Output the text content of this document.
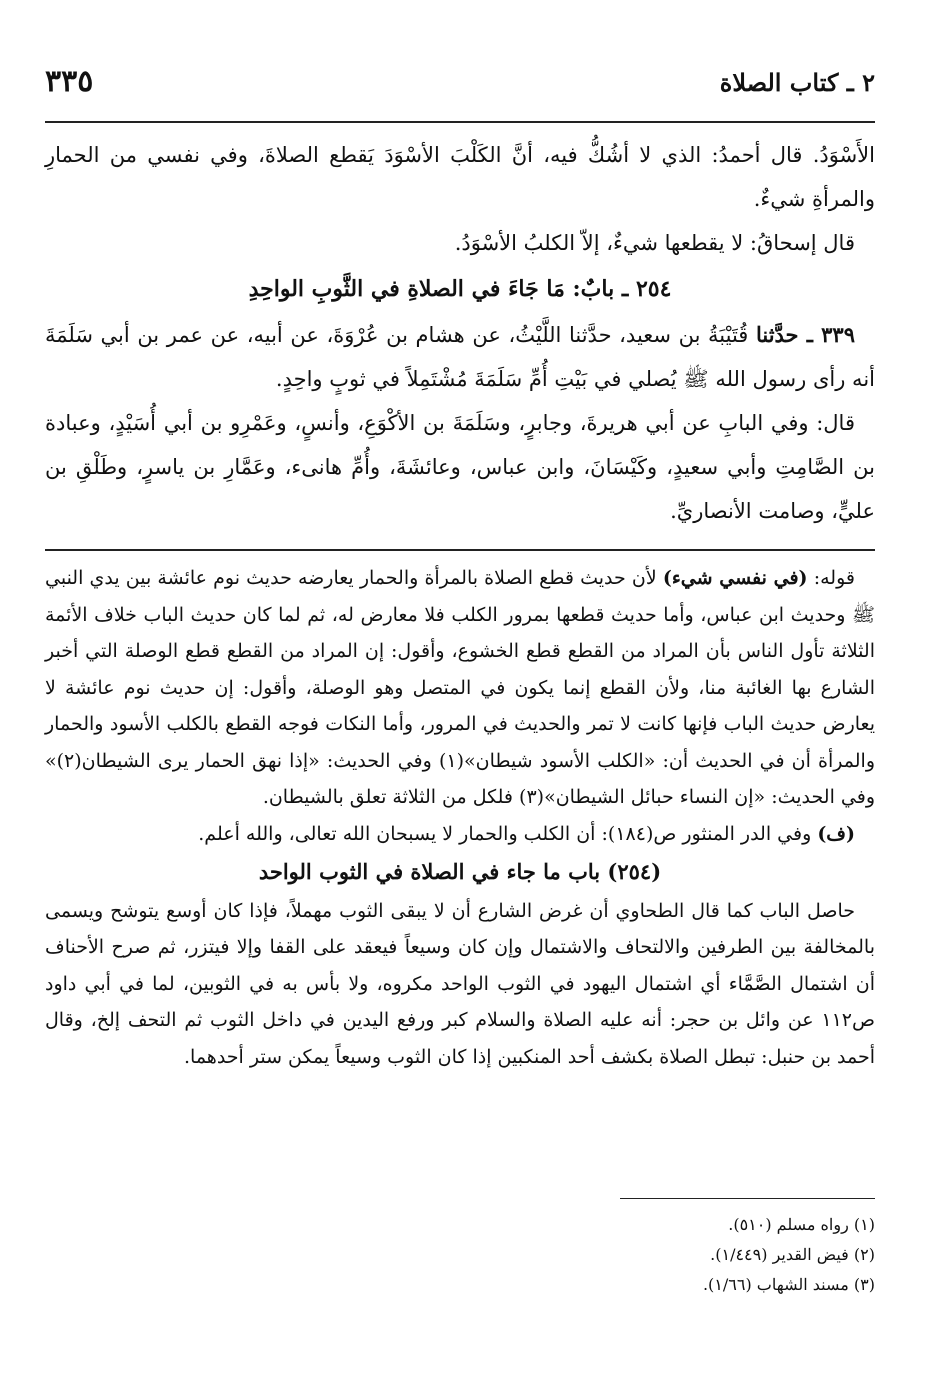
٢ ـ كتاب الصلاة
٣٣٥

الأَسْوَدُ. قال أحمدُ: الذي لا أشُكُّ فيه، أنَّ الكَلْبَ الأسْوَدَ يَقطع الصلاةَ، وفي نفسي من الحمارِ والمرأةِ شيءٌ.

قال إسحاقُ: لا يقطعها شيءٌ، إلاّ الكلبُ الأسْوَدُ.

٢٥٤ ـ بابٌ: مَا جَاءَ في الصلاةِ في الثَّوبِ الواحِدِ

٣٣٩ ـ حدَّثنا قُتَيْبَةُ بن سعيد، حدَّثنا اللَّيْثُ، عن هشام بن عُرْوَةَ، عن أبيه، عن عمر بن أبي سَلَمَةَ أنه رأى رسول الله ﷺ يُصلي في بَيْتِ أُمِّ سَلَمَةَ مُشْتَمِلاً في ثوبٍ واحِدٍ.

قال: وفي البابِ عن أبي هريرةَ، وجابرٍ، وسَلَمَةَ بن الأكْوَعِ، وأنسٍ، وعَمْرِو بن أبي أُسَيْدٍ، وعبادة بن الصَّامِتِ وأبي سعيدٍ، وكَيْسَانَ، وابن عباس، وعائشَةَ، وأُمِّ هانىء، وعَمَّارِ بن ياسرٍ، وطَلْقِ بن عليٍّ، وصامت الأنصاريِّ.

قوله: (في نفسي شيء) لأن حديث قطع الصلاة بالمرأة والحمار يعارضه حديث نوم عائشة بين يدي النبي ﷺ وحديث ابن عباس، وأما حديث قطعها بمرور الكلب فلا معارض له، ثم لما كان حديث الباب خلاف الأئمة الثلاثة تأول الناس بأن المراد من القطع قطع الخشوع، وأقول: إن المراد من القطع قطع الوصلة التي أخبر الشارع بها الغائبة منا، ولأن القطع إنما يكون في المتصل وهو الوصلة، وأقول: إن حديث نوم عائشة لا يعارض حديث الباب فإنها كانت لا تمر والحديث في المرور، وأما النكات فوجه القطع بالكلب الأسود والحمار والمرأة أن في الحديث أن: «الكلب الأسود شيطان»(١) وفي الحديث: «إذا نهق الحمار يرى الشيطان(٢)» وفي الحديث: «إن النساء حبائل الشيطان»(٣) فلكل من الثلاثة تعلق بالشيطان.

(ف) وفي الدر المنثور ص(١٨٤): أن الكلب والحمار لا يسبحان الله تعالى، والله أعلم.

(٢٥٤) باب ما جاء في الصلاة في الثوب الواحد

حاصل الباب كما قال الطحاوي أن غرض الشارع أن لا يبقى الثوب مهملاً، فإذا كان أوسع يتوشح ويسمى بالمخالفة بين الطرفين والالتحاف والاشتمال وإن كان وسيعاً فيعقد على القفا وإلا فيتزر، ثم صرح الأحناف أن اشتمال الصَّمَّاء أي اشتمال اليهود في الثوب الواحد مكروه، ولا بأس به في الثوبين، لما في أبي داود ص١١٢ عن وائل بن حجر: أنه عليه الصلاة والسلام كبر ورفع اليدين في داخل الثوب ثم التحف إلخ، وقال أحمد بن حنبل: تبطل الصلاة بكشف أحد المنكبين إذا كان الثوب وسيعاً يمكن ستر أحدهما.

(١) رواه مسلم (٥١٠).
(٢) فيض القدير (١/٤٤٩).
(٣) مسند الشهاب (١/٦٦).
